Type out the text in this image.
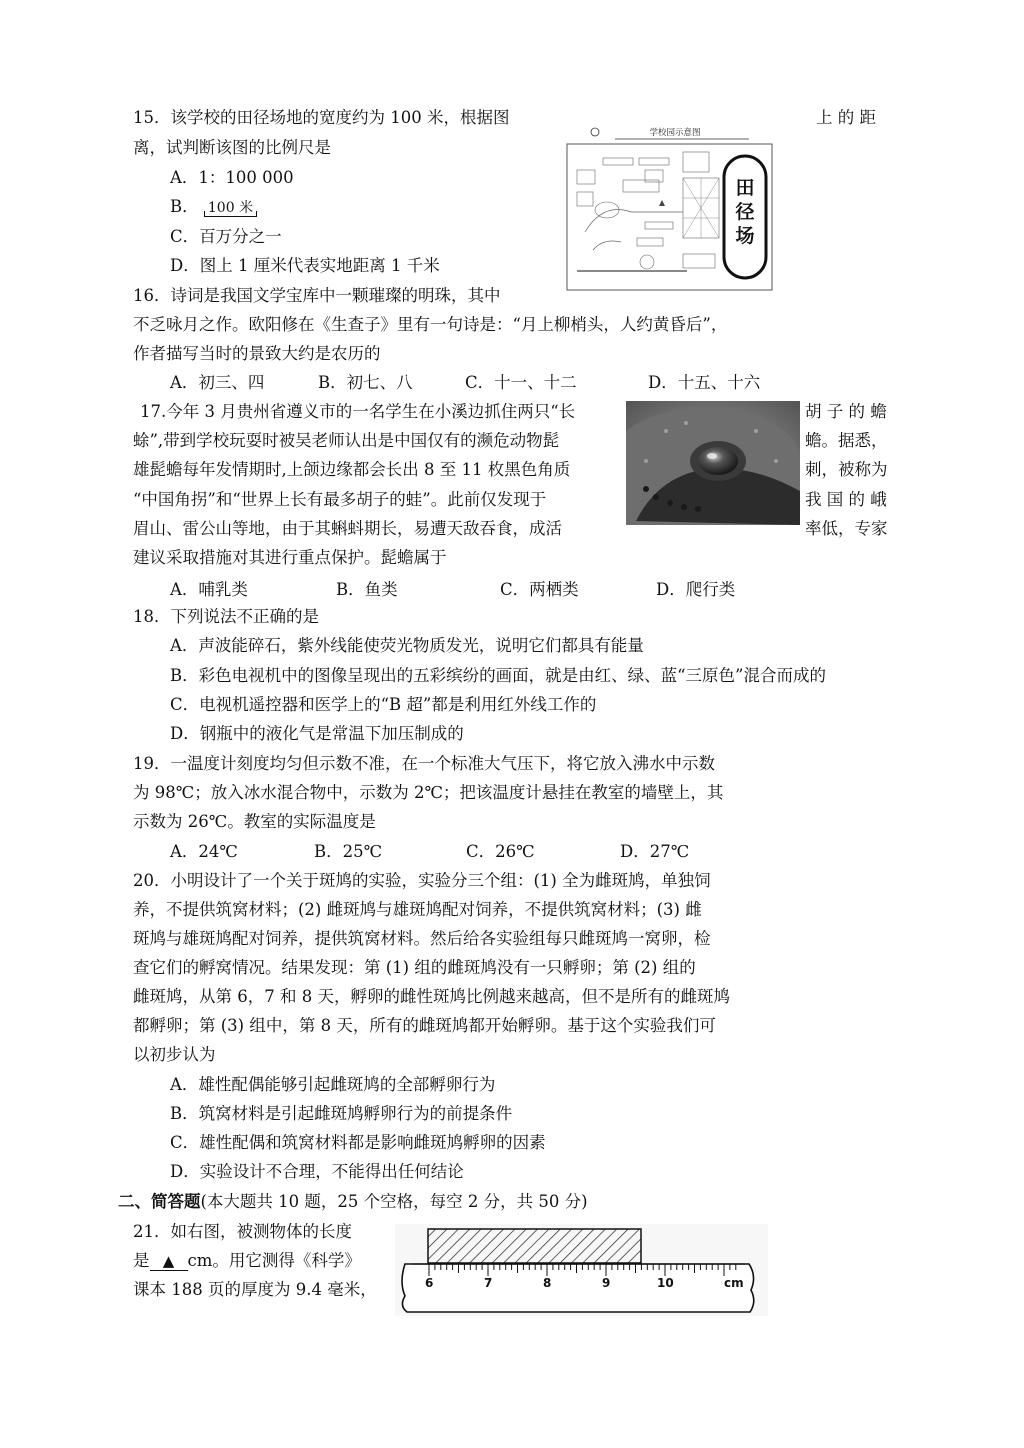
15．该学校的田径场地的宽度约为 100 米，根据图	上 的 距
离，试判断该图的比例尺是
A．1：100 000
B． 100 米
C．百万分之一
D．图上 1 厘米代表实地距离 1 千米
学校园示意图
田
径
场
16．诗词是我国文学宝库中一颗璀璨的明珠，其中
不乏咏月之作。欧阳修在《生查子》里有一句诗是：“月上柳梢头，人约黄昏后”，
作者描写当时的景致大约是农历的
A．初三、四	B．初七、八	C．十一、十二	D．十五、十六
17.今年 3 月贵州省遵义市的一名学生在小溪边抓住两只“长	胡 子 的 蟾
蜍”,带到学校玩耍时被吴老师认出是中国仅有的濒危动物髭	蟾。据悉，
雄髭蟾每年发情期时,上颌边缘都会长出 8 至 11 枚黑色角质	刺，被称为
“中国角拐”和“世界上长有最多胡子的蛙”。此前仅发现于	我 国 的 峨
眉山、雷公山等地，由于其蝌蚪期长，易遭天敌吞食，成活	率低，专家
建议采取措施对其进行重点保护。髭蟾属于
A．哺乳类	B．鱼类	C．两栖类	D．爬行类
18．下列说法不正确的是
A．声波能碎石，紫外线能使荧光物质发光，说明它们都具有能量
B．彩色电视机中的图像呈现出的五彩缤纷的画面，就是由红、绿、蓝“三原色”混合而成的
C．电视机遥控器和医学上的“B 超”都是利用红外线工作的
D．钢瓶中的液化气是常温下加压制成的
19．一温度计刻度均匀但示数不准，在一个标准大气压下，将它放入沸水中示数
为 98℃；放入冰水混合物中，示数为 2℃；把该温度计悬挂在教室的墙壁上，其
示数为 26℃。教室的实际温度是
A．24℃	B．25℃	C．26℃	D．27℃
20．小明设计了一个关于斑鸠的实验，实验分三个组：(1) 全为雌斑鸠，单独饲
养，不提供筑窝材料；(2) 雌斑鸠与雄斑鸠配对饲养，不提供筑窝材料；(3) 雌
斑鸠与雄斑鸠配对饲养，提供筑窝材料。然后给各实验组每只雌斑鸠一窝卵，检
查它们的孵窝情况。结果发现：第 (1) 组的雌斑鸠没有一只孵卵；第 (2) 组的
雌斑鸠，从第 6，7 和 8 天，孵卵的雌性斑鸠比例越来越高，但不是所有的雌斑鸠
都孵卵；第 (3) 组中，第 8 天，所有的雌斑鸠都开始孵卵。基于这个实验我们可
以初步认为
A．雄性配偶能够引起雌斑鸠的全部孵卵行为
B．筑窝材料是引起雌斑鸠孵卵行为的前提条件
C．雄性配偶和筑窝材料都是影响雌斑鸠孵卵的因素
D．实验设计不合理，不能得出任何结论
二、简答题(本大题共 10 题，25 个空格，每空 2 分，共 50 分)
21．如右图，被测物体的长度
是 ▲ cm。用它测得《科学》
课本 188 页的厚度为 9.4 毫米，	6	7	8	9	10	cm
